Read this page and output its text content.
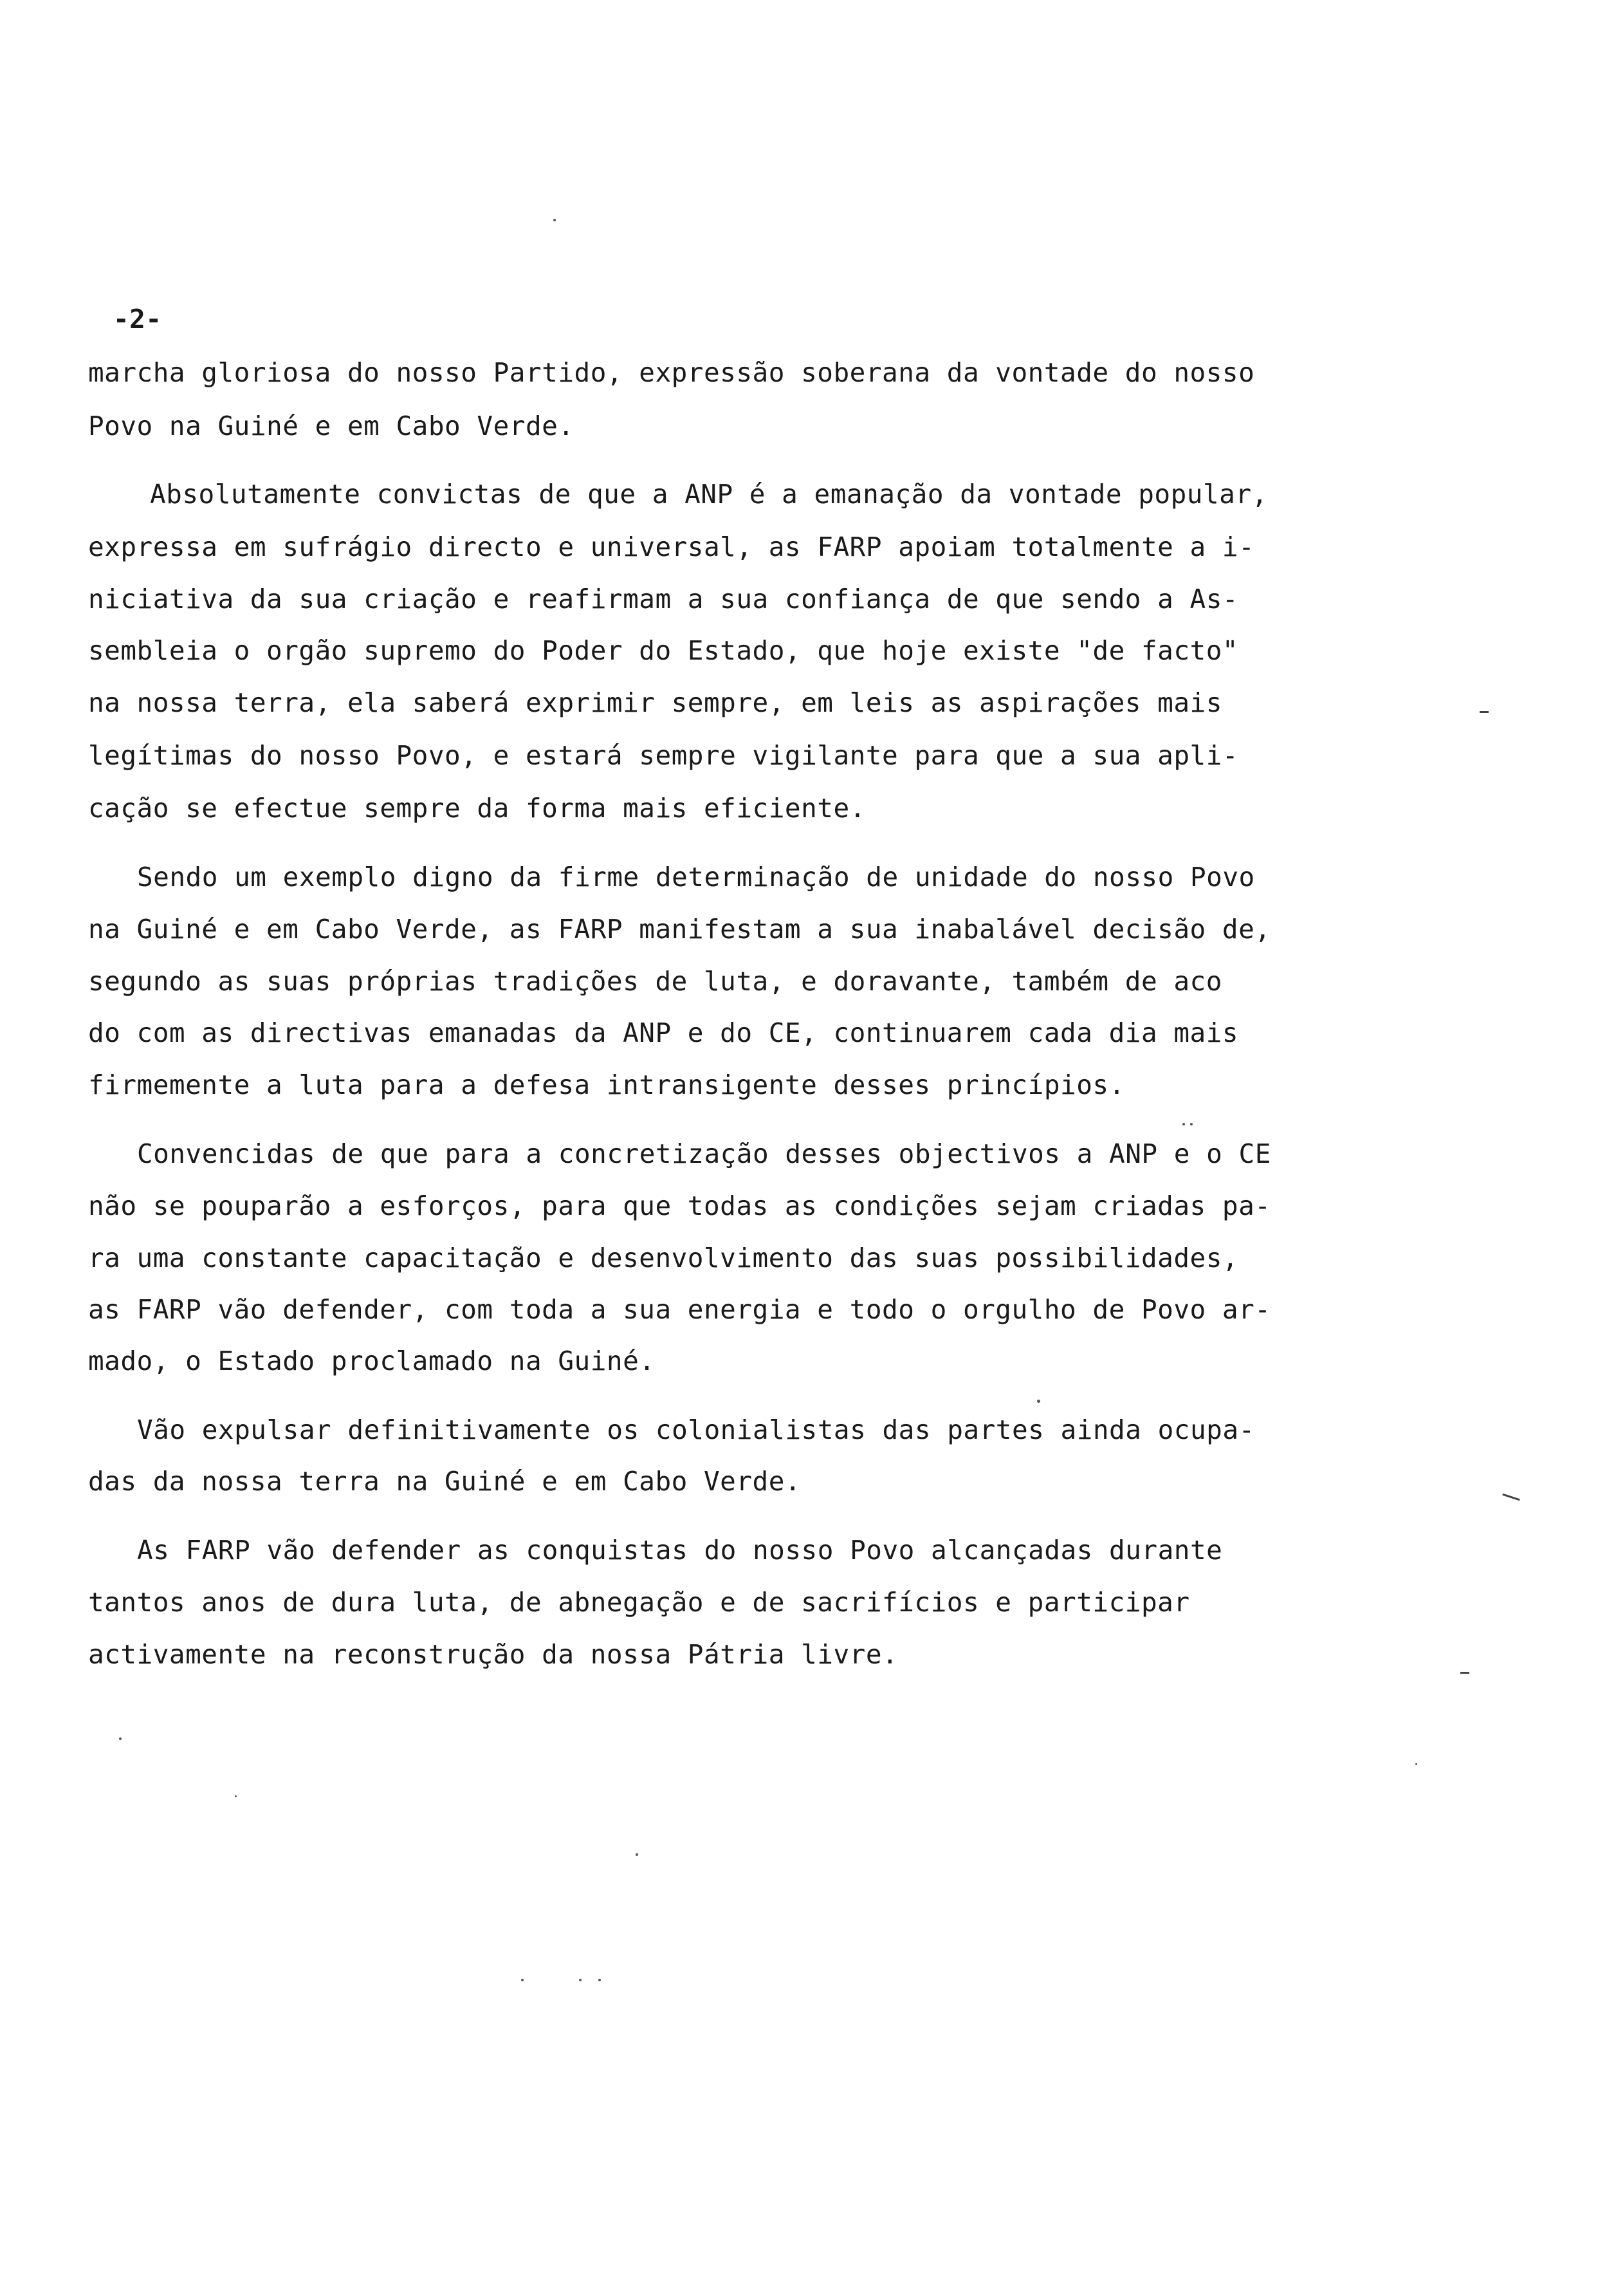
-2-
marcha gloriosa do nosso Partido, expressão soberana da vontade do nosso
Povo na Guiné e em Cabo Verde.
Absolutamente convictas de que a ANP é a emanação da vontade popular,
expressa em sufrágio directo e universal, as FARP apoiam totalmente a i-
niciativa da sua criação e reafirmam a sua confiança de que sendo a As-
sembleia o orgão supremo do Poder do Estado, que hoje existe "de facto"
na nossa terra, ela saberá exprimir sempre, em leis as aspirações mais
legítimas do nosso Povo, e estará sempre vigilante para que a sua apli-
cação se efectue sempre da forma mais eficiente.
Sendo um exemplo digno da firme determinação de unidade do nosso Povo
na Guiné e em Cabo Verde, as FARP manifestam a sua inabalável decisão de,
segundo as suas próprias tradições de luta, e doravante, também de aco
do com as directivas emanadas da ANP e do CE, continuarem cada dia mais
firmemente a luta para a defesa intransigente desses princípios.
Convencidas de que para a concretização desses objectivos a ANP e o CE
não se pouparão a esforços, para que todas as condições sejam criadas pa-
ra uma constante capacitação e desenvolvimento das suas possibilidades,
as FARP vão defender, com toda a sua energia e todo o orgulho de Povo ar-
mado, o Estado proclamado na Guiné.
Vão expulsar definitivamente os colonialistas das partes ainda ocupa-
das da nossa terra na Guiné e em Cabo Verde.
As FARP vão defender as conquistas do nosso Povo alcançadas durante
tantos anos de dura luta, de abnegação e de sacrifícios e participar
activamente na reconstrução da nossa Pátria livre.
